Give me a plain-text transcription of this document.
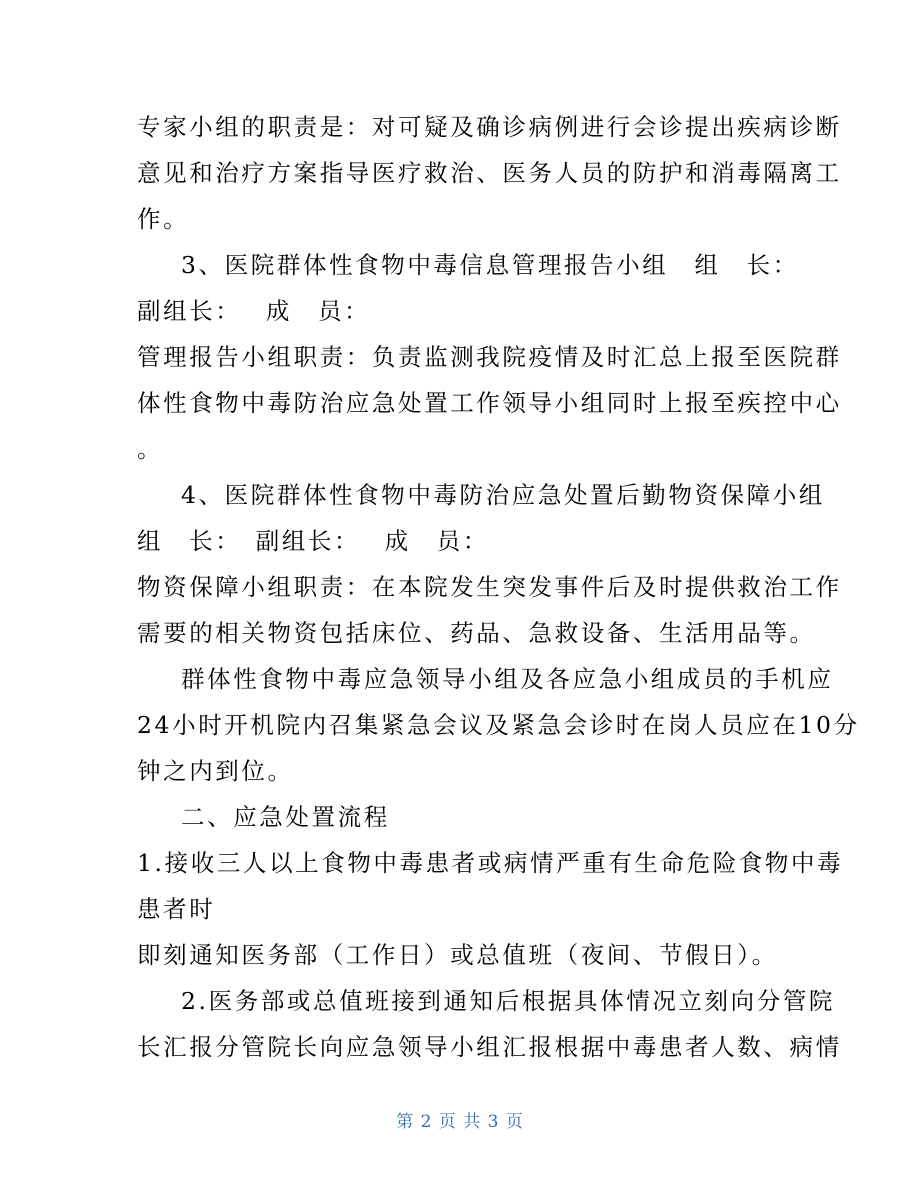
专家小组的职责是：对可疑及确诊病例进行会诊提出疾病诊断
意见和治疗方案指导医疗救治、医务人员的防护和消毒隔离工
作。
3、医院群体性食物中毒信息管理报告小组　组　长：
副组长：　 成　员：
管理报告小组职责：负责监测我院疫情及时汇总上报至医院群
体性食物中毒防治应急处置工作领导小组同时上报至疾控中心
。
4、医院群体性食物中毒防治应急处置后勤物资保障小组
组　长：　副组长：　 成　员：
物资保障小组职责：在本院发生突发事件后及时提供救治工作
需要的相关物资包括床位、药品、急救设备、生活用品等。
群体性食物中毒应急领导小组及各应急小组成员的手机应
24小时开机院内召集紧急会议及紧急会诊时在岗人员应在10分
钟之内到位。
二、应急处置流程
1.接收三人以上食物中毒患者或病情严重有生命危险食物中毒
患者时
即刻通知医务部（工作日）或总值班（夜间、节假日）。
2.医务部或总值班接到通知后根据具体情况立刻向分管院
长汇报分管院长向应急领导小组汇报根据中毒患者人数、病情
第 2 页 共 3 页
